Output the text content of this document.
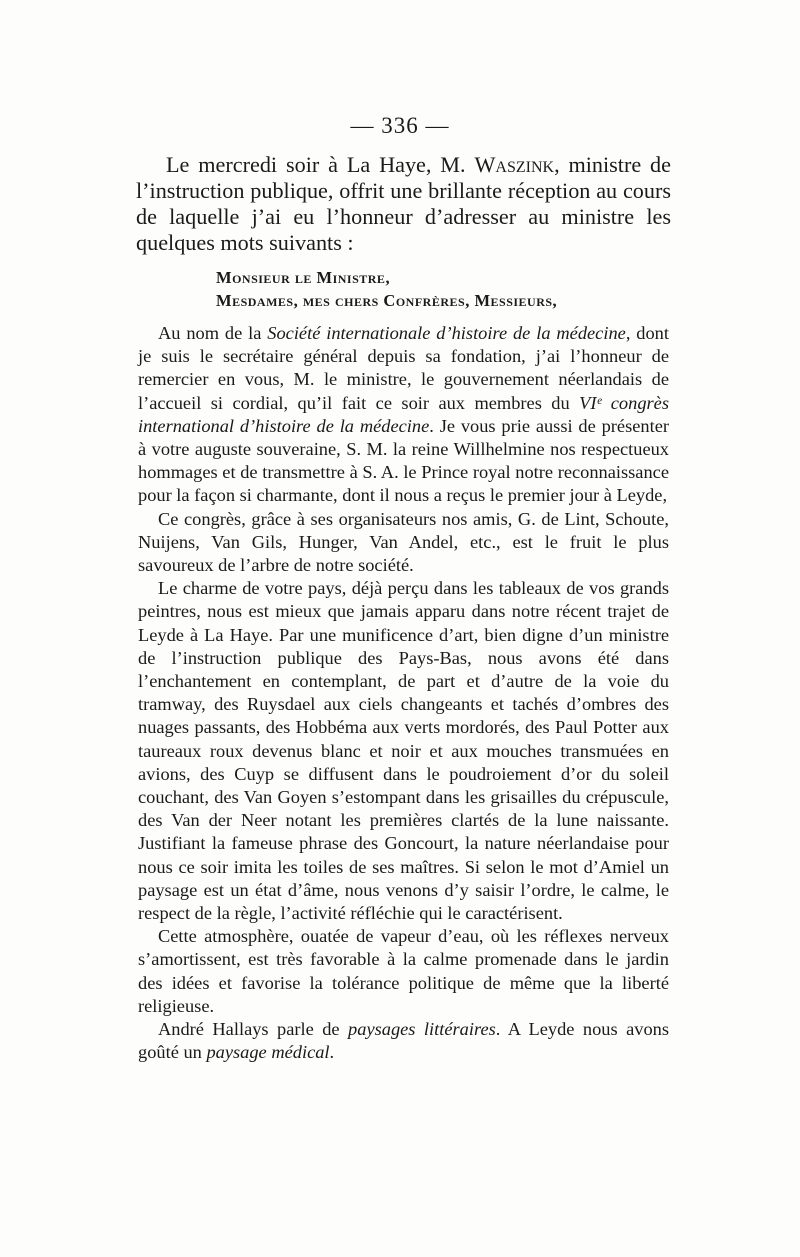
— 336 —

Le mercredi soir à La Haye, M. Waszink, ministre de l’instruction publique, offrit une brillante réception au cours de laquelle j’ai eu l’honneur d’adresser au ministre les quelques mots suivants :

Monsieur le Ministre,
Mesdames, mes chers Confrères, Messieurs,

Au nom de la Société internationale d’histoire de la médecine, dont je suis le secrétaire général depuis sa fondation, j’ai l’honneur de remercier en vous, M. le ministre, le gouvernement néerlandais de l’accueil si cordial, qu’il fait ce soir aux membres du VIᵉ congrès international d’histoire de la médecine. Je vous prie aussi de présenter à votre auguste souveraine, S. M. la reine Willhelmine nos respectueux hommages et de transmettre à S. A. le Prince royal notre reconnaissance pour la façon si charmante, dont il nous a reçus le premier jour à Leyde,

Ce congrès, grâce à ses organisateurs nos amis, G. de Lint, Schoute, Nuijens, Van Gils, Hunger, Van Andel, etc., est le fruit le plus savoureux de l’arbre de notre société.

Le charme de votre pays, déjà perçu dans les tableaux de vos grands peintres, nous est mieux que jamais apparu dans notre récent trajet de Leyde à La Haye. Par une munificence d’art, bien digne d’un ministre de l’instruction publique des Pays-Bas, nous avons été dans l’enchantement en contemplant, de part et d’autre de la voie du tramway, des Ruysdael aux ciels changeants et tachés d’ombres des nuages passants, des Hobbéma aux verts mordorés, des Paul Potter aux taureaux roux devenus blanc et noir et aux mouches transmuées en avions, des Cuyp se diffusent dans le poudroiement d’or du soleil couchant, des Van Goyen s’estompant dans les grisailles du crépuscule, des Van der Neer notant les premières clartés de la lune naissante. Justifiant la fameuse phrase des Goncourt, la nature néerlandaise pour nous ce soir imita les toiles de ses maîtres. Si selon le mot d’Amiel un paysage est un état d’âme, nous venons d’y saisir l’ordre, le calme, le respect de la règle, l’activité réfléchie qui le caractérisent.

Cette atmosphère, ouatée de vapeur d’eau, où les réflexes nerveux s’amortissent, est très favorable à la calme promenade dans le jardin des idées et favorise la tolérance politique de même que la liberté religieuse.

André Hallays parle de paysages littéraires. A Leyde nous avons goûté un paysage médical.
